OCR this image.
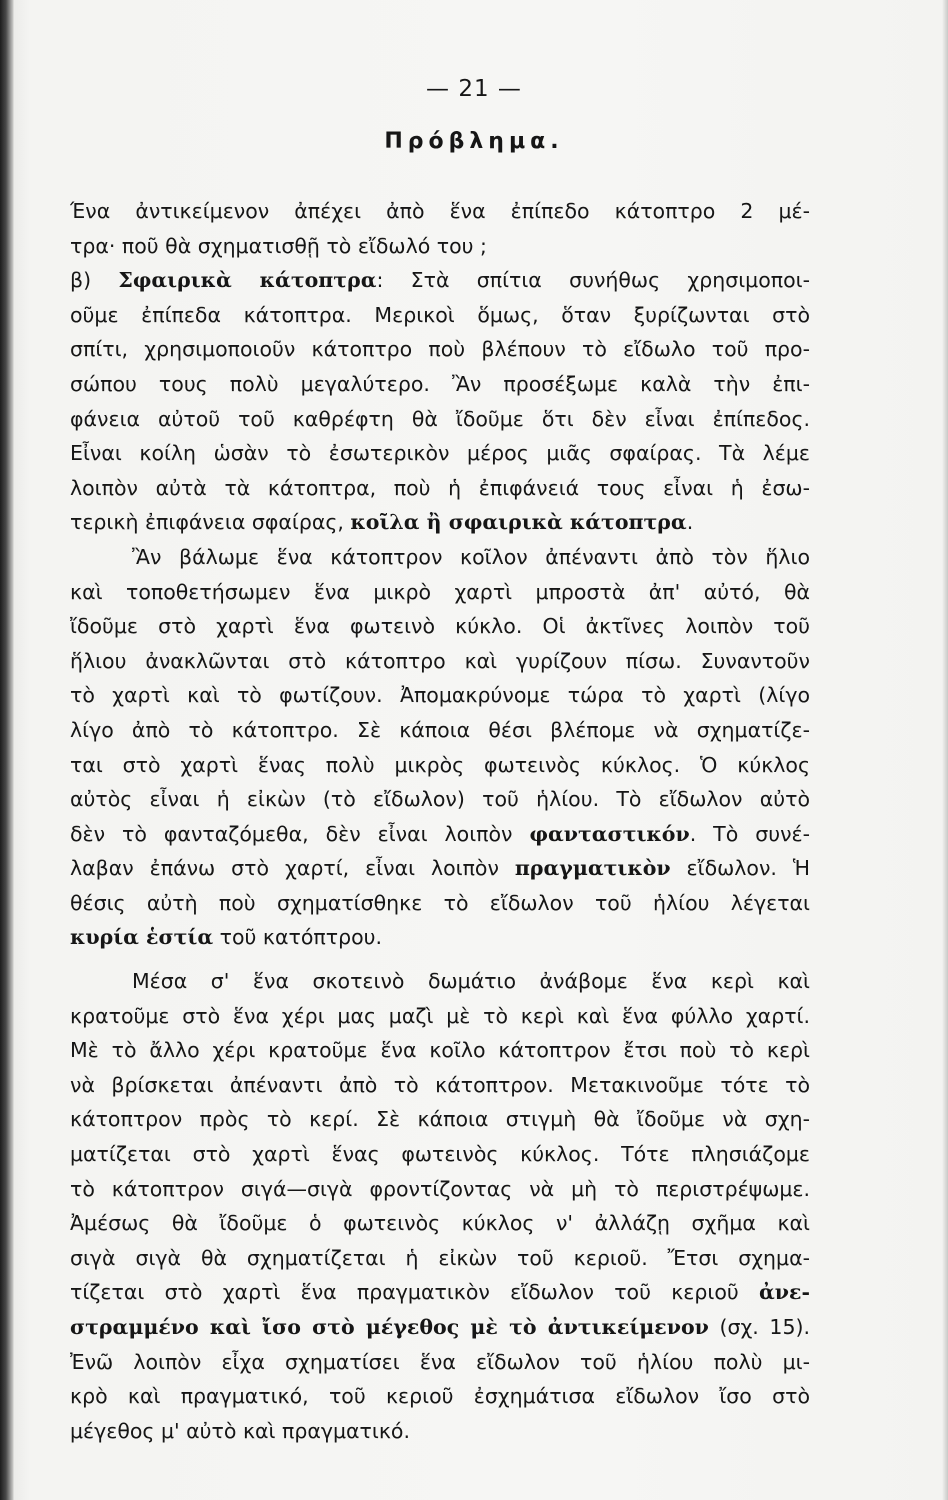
— 21 —
Πρόβλημα.
Ένα ἀντικείμενον ἀπέχει ἀπὸ ἕνα ἐπίπεδο κάτοπτρο 2 μέ-
τρα· ποῦ θὰ σχηματισθῇ τὸ εἴδωλό του ;
β) Σφαιρικὰ κάτοπτρα: Στὰ σπίτια συνήθως χρησιμοποι-
οῦμε ἐπίπεδα κάτοπτρα. Μερικοὶ ὅμως, ὅταν ξυρίζωνται στὸ
σπίτι, χρησιμοποιοῦν κάτοπτρο ποὺ βλέπουν τὸ εἴδωλο τοῦ προ-
σώπου τους πολὺ μεγαλύτερο. Ἂν προσέξωμε καλὰ τὴν ἐπι-
φάνεια αὐτοῦ τοῦ καθρέφτη θὰ ἴδοῦμε ὅτι δὲν εἶναι ἐπίπεδος.
Εἶναι κοίλη ὡσὰν τὸ ἐσωτερικὸν μέρος μιᾶς σφαίρας. Τὰ λέμε
λοιπὸν αὐτὰ τὰ κάτοπτρα, ποὺ ἡ ἐπιφάνειά τους εἶναι ἡ ἐσω-
τερικὴ ἐπιφάνεια σφαίρας, κοῖλα ἢ σφαιρικὰ κάτοπτρα.
Ἂν βάλωμε ἕνα κάτοπτρον κοῖλον ἀπέναντι ἀπὸ τὸν ἥλιο
καὶ τοποθετήσωμεν ἕνα μικρὸ χαρτὶ μπροστὰ ἀπ' αὐτό, θὰ
ἴδοῦμε στὸ χαρτὶ ἕνα φωτεινὸ κύκλο. Οἱ ἀκτῖνες λοιπὸν τοῦ
ἥλιου ἀνακλῶνται στὸ κάτοπτρο καὶ γυρίζουν πίσω. Συναντοῦν
τὸ χαρτὶ καὶ τὸ φωτίζουν. Ἀπομακρύνομε τώρα τὸ χαρτὶ (λίγο
λίγο ἀπὸ τὸ κάτοπτρο. Σὲ κάποια θέσι βλέπομε νὰ σχηματίζε-
ται στὸ χαρτὶ ἕνας πολὺ μικρὸς φωτεινὸς κύκλος. Ὁ κύκλος
αὐτὸς εἶναι ἡ εἰκὼν (τὸ εἴδωλον) τοῦ ἡλίου. Τὸ εἴδωλον αὐτὸ
δὲν τὸ φανταζόμεθα, δὲν εἶναι λοιπὸν φανταστικόν. Τὸ συνέ-
λαβαν ἐπάνω στὸ χαρτί, εἶναι λοιπὸν πραγματικὸν εἴδωλον. Ἡ
θέσις αὐτὴ ποὺ σχηματίσθηκε τὸ εἴδωλον τοῦ ἡλίου λέγεται
κυρία ἑστία τοῦ κατόπτρου.
Μέσα σ' ἕνα σκοτεινὸ δωμάτιο ἀνάβομε ἕνα κερὶ καὶ
κρατοῦμε στὸ ἕνα χέρι μας μαζὶ μὲ τὸ κερὶ καὶ ἕνα φύλλο χαρτί.
Μὲ τὸ ἄλλο χέρι κρατοῦμε ἕνα κοῖλο κάτοπτρον ἔτσι ποὺ τὸ κερὶ
νὰ βρίσκεται ἀπέναντι ἀπὸ τὸ κάτοπτρον. Μετακινοῦμε τότε τὸ
κάτοπτρον πρὸς τὸ κερί. Σὲ κάποια στιγμὴ θὰ ἴδοῦμε νὰ σχη-
ματίζεται στὸ χαρτὶ ἕνας φωτεινὸς κύκλος. Τότε πλησιάζομε
τὸ κάτοπτρον σιγά—σιγὰ φροντίζοντας νὰ μὴ τὸ περιστρέψωμε.
Ἀμέσως θὰ ἴδοῦμε ὁ φωτεινὸς κύκλος ν' ἀλλάζῃ σχῆμα καὶ
σιγὰ σιγὰ θὰ σχηματίζεται ἡ εἰκὼν τοῦ κεριοῦ. Ἔτσι σχημα-
τίζεται στὸ χαρτὶ ἕνα πραγματικὸν εἴδωλον τοῦ κεριοῦ ἀνε-
στραμμένο καὶ ἴσο στὸ μέγεθος μὲ τὸ ἀντικείμενον (σχ. 15).
Ἐνῶ λοιπὸν εἶχα σχηματίσει ἕνα εἴδωλον τοῦ ἡλίου πολὺ μι-
κρὸ καὶ πραγματικό, τοῦ κεριοῦ ἐσχημάτισα εἴδωλον ἴσο στὸ
μέγεθος μ' αὐτὸ καὶ πραγματικό.
